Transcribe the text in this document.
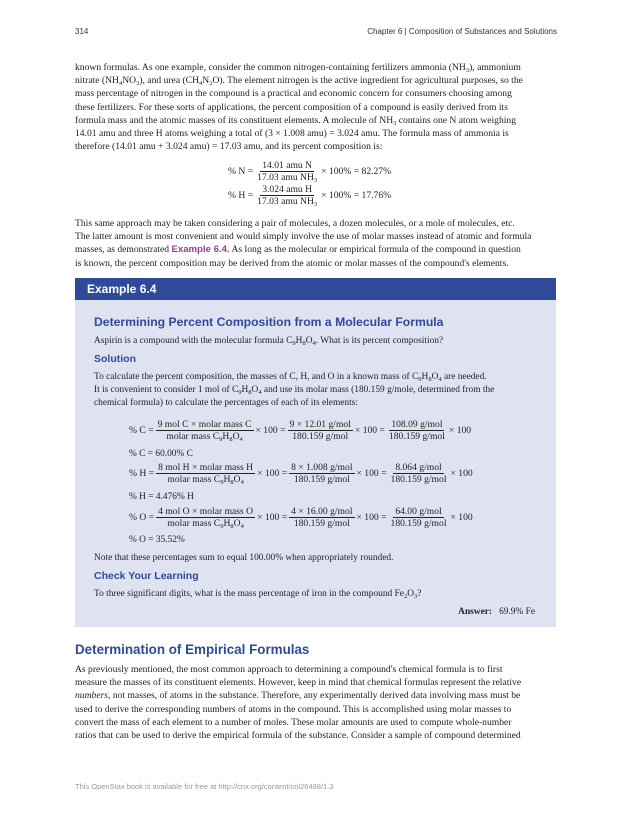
314	Chapter 6 | Composition of Substances and Solutions
known formulas. As one example, consider the common nitrogen-containing fertilizers ammonia $(NH_3)$, ammonium
nitrate $(NH_4NO_3)$, and urea $(CH_4N_2O)$. The element nitrogen is the active ingredient for agricultural purposes, so the
mass percentage of nitrogen in the compound is a practical and economic concern for consumers choosing among
these fertilizers. For these sorts of applications, the percent composition of a compound is easily derived from its
formula mass and the atomic masses of its constituent elements. A molecule of $NH_3$ contains one N atom weighing
14.01 amu and three H atoms weighing a total of (3 × 1.008 amu) = 3.024 amu. The formula mass of ammonia is
therefore (14.01 amu + 3.024 amu) = 17.03 amu, and its percent composition is:
% $N = \frac{\text{14.01 amu N}}{17.03 amu NH_3} \times 100\% = 82.27\%$
% $H = \frac{\text{3.024 amu H}}{17.03 amu NH_3} \times 100\% = 17.76\%$
This same approach may be taken considering a pair of molecules, a dozen molecules, or a mole of molecules, etc.
The latter amount is most convenient and would simply involve the use of molar masses instead of atomic and formula
masses, as demonstrated Example 6.4. As long as the molecular or empirical formula of the compound in question
is known, the percent composition may be derived from the atomic or molar masses of the compound's elements.
Example 6.4
Determining Percent Composition from a Molecular Formula
Aspirin is a compound with the molecular formula $C_9H_8O_4$. What is its percent composition?
Solution
To calculate the percent composition, the masses of C, H, and O in a known mass of $C_9H_8O_4$ are needed.
It is convenient to consider 1 mol of $C_9H_8O_4$ and use its molar mass (180.159 g/mole, determined from the
chemical formula) to calculate the percentages of each of its elements:
% $C = \frac{\text{9 mol C × molar mass C}}{molar mass C_9H_8O_4} \times 100 = \frac{\text{9 × 12.01 g/mol}}{\text{180.159 g/mol}} \times 100 = \frac{\text{108.09 g/mol}}{\text{180.159 g/mol}} \times 100$
% C = 60.00% C
% $H = \frac{\text{8 mol H × molar mass H}}{molar mass C_9H_8O_4} \times 100 = \frac{\text{8 × 1.008 g/mol}}{\text{180.159 g/mol}} \times 100 = \frac{\text{8.064 g/mol}}{\text{180.159 g/mol}} \times 100$
% H = 4.476% H
% $O = \frac{\text{4 mol O × molar mass O}}{molar mass C_9H_8O_4} \times 100 = \frac{\text{4 × 16.00 g/mol}}{\text{180.159 g/mol}} \times 100 = \frac{\text{64.00 g/mol}}{\text{180.159 g/mol}} \times 100$
% O = 35.52%
Note that these percentages sum to equal 100.00% when appropriately rounded.
Check Your Learning
To three significant digits, what is the mass percentage of iron in the compound $Fe_2O_3$?
Answer: 69.9% Fe
Determination of Empirical Formulas
As previously mentioned, the most common approach to determining a compound's chemical formula is to first
measure the masses of its constituent elements. However, keep in mind that chemical formulas represent the relative
numbers, not masses, of atoms in the substance. Therefore, any experimentally derived data involving mass must be
used to derive the corresponding numbers of atoms in the compound. This is accomplished using molar masses to
convert the mass of each element to a number of moles. These molar amounts are used to compute whole-number
ratios that can be used to derive the empirical formula of the substance. Consider a sample of compound determined
This OpenStax book is available for free at http://cnx.org/content/col26488/1.3
